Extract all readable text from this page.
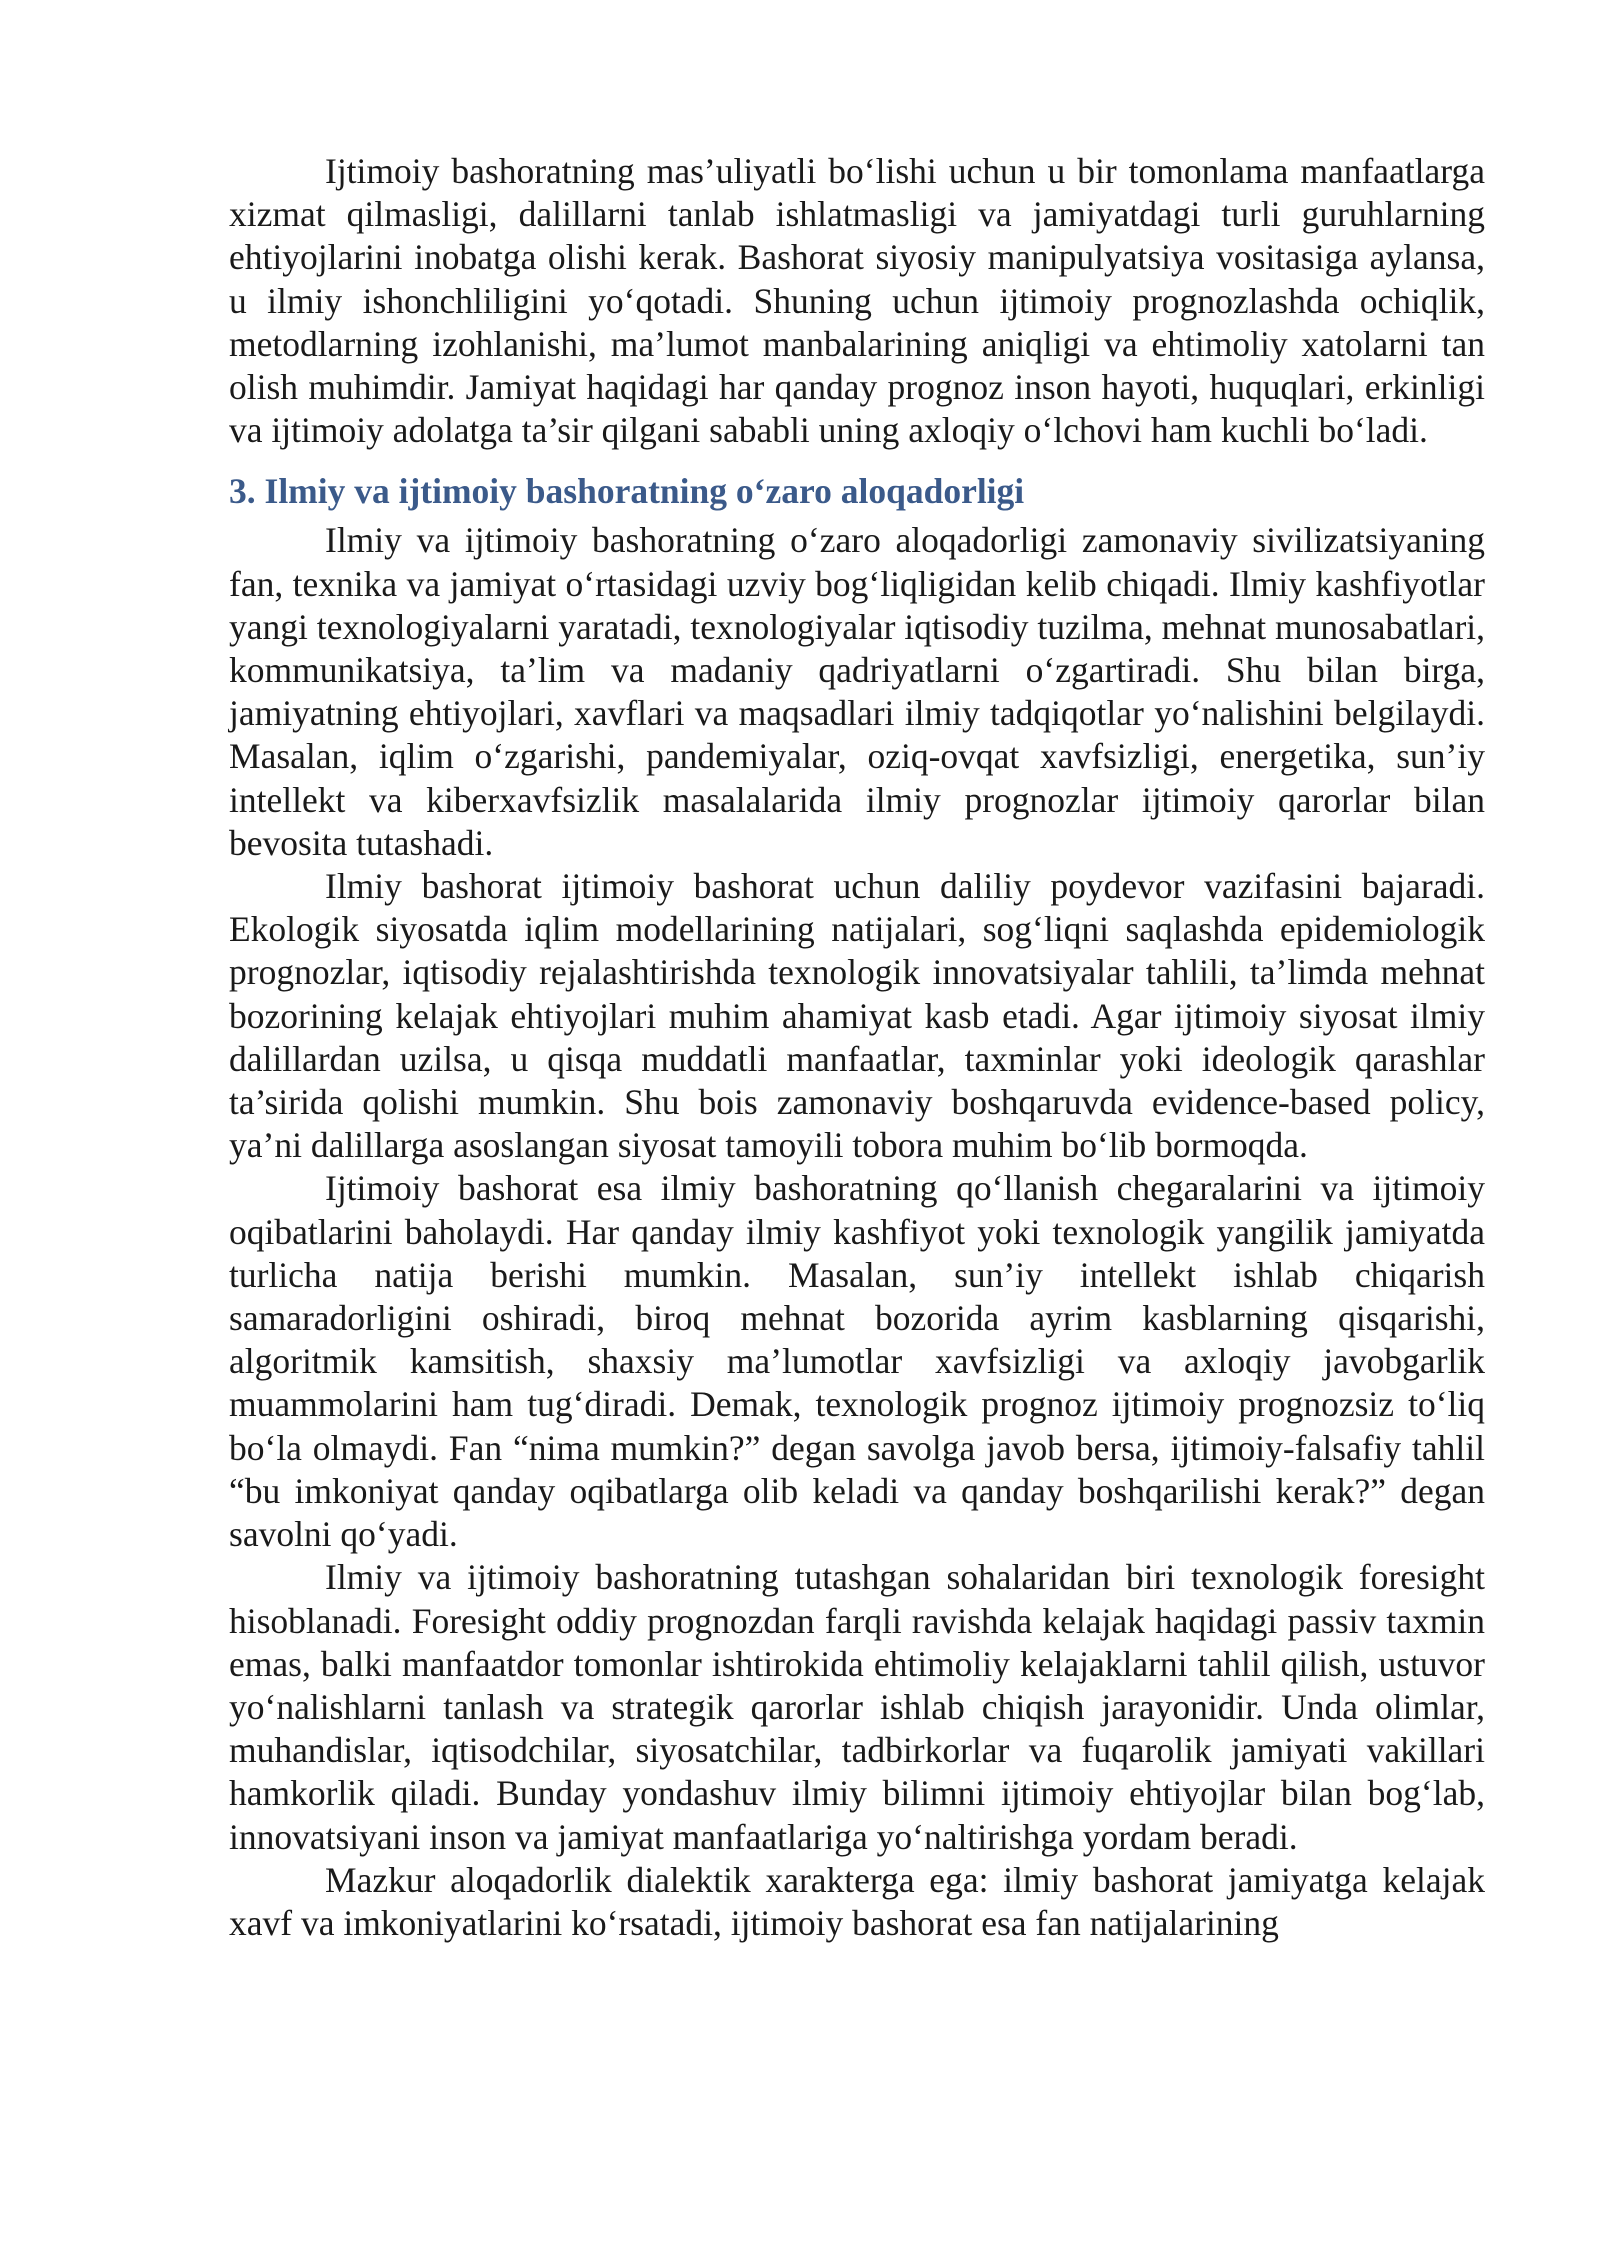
Ijtimoiy bashoratning mas’uliyatli bo‘lishi uchun u bir tomonlama manfaatlarga xizmat qilmasligi, dalillarni tanlab ishlatmasligi va jamiyatdagi turli guruhlarning ehtiyojlarini inobatga olishi kerak. Bashorat siyosiy manipulyatsiya vositasiga aylansa, u ilmiy ishonchliligini yo‘qotadi. Shuning uchun ijtimoiy prognozlashda ochiqlik, metodlarning izohlanishi, ma’lumot manbalarining aniqligi va ehtimoliy xatolarni tan olish muhimdir. Jamiyat haqidagi har qanday prognoz inson hayoti, huquqlari, erkinligi va ijtimoiy adolatga ta’sir qilgani sababli uning axloqiy o‘lchovi ham kuchli bo‘ladi.

3. Ilmiy va ijtimoiy bashoratning o‘zaro aloqadorligi

Ilmiy va ijtimoiy bashoratning o‘zaro aloqadorligi zamonaviy sivilizatsiyaning fan, texnika va jamiyat o‘rtasidagi uzviy bog‘liqligidan kelib chiqadi. Ilmiy kashfiyotlar yangi texnologiyalarni yaratadi, texnologiyalar iqtisodiy tuzilma, mehnat munosabatlari, kommunikatsiya, ta’lim va madaniy qadriyatlarni o‘zgartiradi. Shu bilan birga, jamiyatning ehtiyojlari, xavflari va maqsadlari ilmiy tadqiqotlar yo‘nalishini belgilaydi. Masalan, iqlim o‘zgarishi, pandemiyalar, oziq-ovqat xavfsizligi, energetika, sun’iy intellekt va kiberxavfsizlik masalalarida ilmiy prognozlar ijtimoiy qarorlar bilan bevosita tutashadi.

Ilmiy bashorat ijtimoiy bashorat uchun daliliy poydevor vazifasini bajaradi. Ekologik siyosatda iqlim modellarining natijalari, sog‘liqni saqlashda epidemiologik prognozlar, iqtisodiy rejalashtirishda texnologik innovatsiyalar tahlili, ta’limda mehnat bozorining kelajak ehtiyojlari muhim ahamiyat kasb etadi. Agar ijtimoiy siyosat ilmiy dalillardan uzilsa, u qisqa muddatli manfaatlar, taxminlar yoki ideologik qarashlar ta’sirida qolishi mumkin. Shu bois zamonaviy boshqaruvda evidence-based policy, ya’ni dalillarga asoslangan siyosat tamoyili tobora muhim bo‘lib bormoqda.

Ijtimoiy bashorat esa ilmiy bashoratning qo‘llanish chegaralarini va ijtimoiy oqibatlarini baholaydi. Har qanday ilmiy kashfiyot yoki texnologik yangilik jamiyatda turlicha natija berishi mumkin. Masalan, sun’iy intellekt ishlab chiqarish samaradorligini oshiradi, biroq mehnat bozorida ayrim kasblarning qisqarishi, algoritmik kamsitish, shaxsiy ma’lumotlar xavfsizligi va axloqiy javobgarlik muammolarini ham tug‘diradi. Demak, texnologik prognoz ijtimoiy prognozsiz to‘liq bo‘la olmaydi. Fan “nima mumkin?” degan savolga javob bersa, ijtimoiy-falsafiy tahlil “bu imkoniyat qanday oqibatlarga olib keladi va qanday boshqarilishi kerak?” degan savolni qo‘yadi.

Ilmiy va ijtimoiy bashoratning tutashgan sohalaridan biri texnologik foresight hisoblanadi. Foresight oddiy prognozdan farqli ravishda kelajak haqidagi passiv taxmin emas, balki manfaatdor tomonlar ishtirokida ehtimoliy kelajaklarni tahlil qilish, ustuvor yo‘nalishlarni tanlash va strategik qarorlar ishlab chiqish jarayonidir. Unda olimlar, muhandislar, iqtisodchilar, siyosatchilar, tadbirkorlar va fuqarolik jamiyati vakillari hamkorlik qiladi. Bunday yondashuv ilmiy bilimni ijtimoiy ehtiyojlar bilan bog‘lab, innovatsiyani inson va jamiyat manfaatlariga yo‘naltirishga yordam beradi.

Mazkur aloqadorlik dialektik xarakterga ega: ilmiy bashorat jamiyatga kelajak xavf va imkoniyatlarini ko‘rsatadi, ijtimoiy bashorat esa fan natijalarining
